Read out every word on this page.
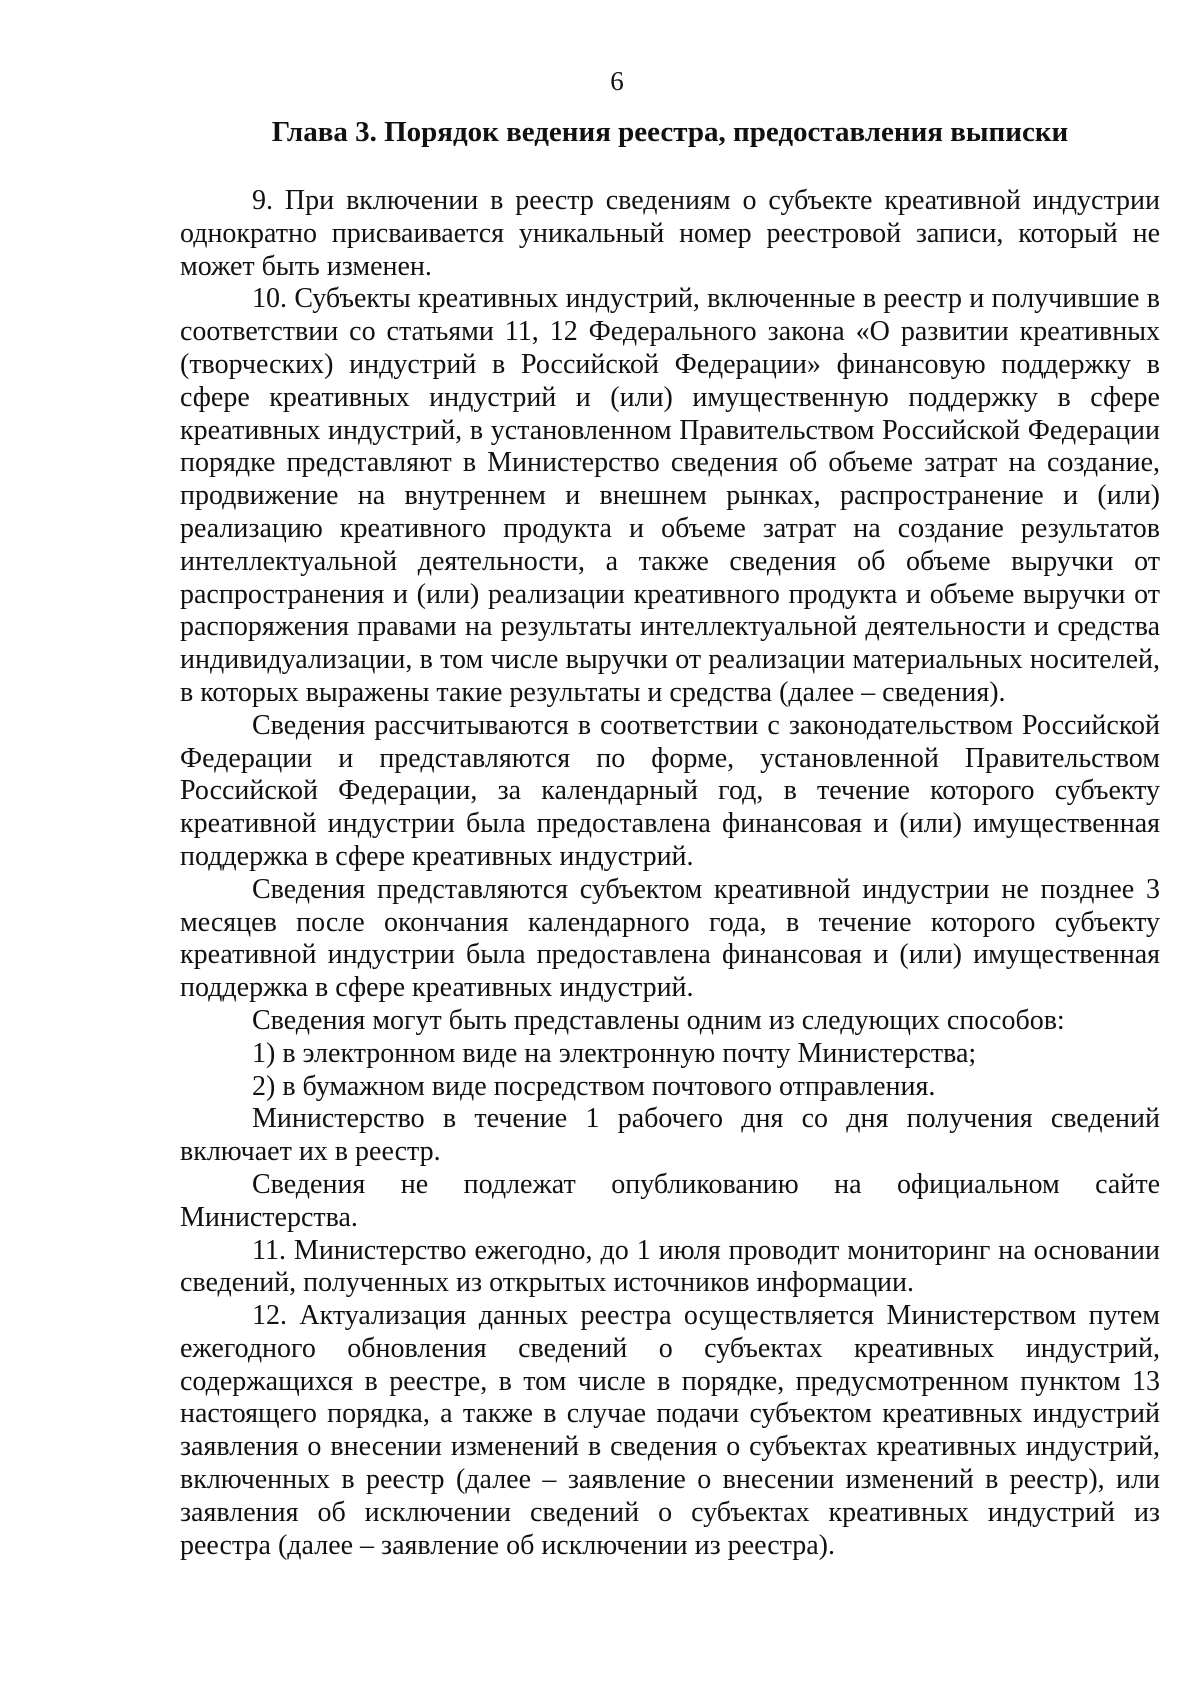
6
Глава 3. Порядок ведения реестра, предоставления выписки

9. При включении в реестр сведениям о субъекте креативной индустрии однократно присваивается уникальный номер реестровой записи, который не может быть изменен.

10. Субъекты креативных индустрий, включенные в реестр и получившие в соответствии со статьями 11, 12 Федерального закона «О развитии креативных (творческих) индустрий в Российской Федерации» финансовую поддержку в сфере креативных индустрий и (или) имущественную поддержку в сфере креативных индустрий, в установленном Правительством Российской Федерации порядке представляют в Министерство сведения об объеме затрат на создание, продвижение на внутреннем и внешнем рынках, распространение и (или) реализацию креативного продукта и объеме затрат на создание результатов интеллектуальной деятельности, а также сведения об объеме выручки от распространения и (или) реализации креативного продукта и объеме выручки от распоряжения правами на результаты интеллектуальной деятельности и средства индивидуализации, в том числе выручки от реализации материальных носителей, в которых выражены такие результаты и средства (далее – сведения).

Сведения рассчитываются в соответствии с законодательством Российской Федерации и представляются по форме, установленной Правительством Российской Федерации, за календарный год, в течение которого субъекту креативной индустрии была предоставлена финансовая и (или) имущественная поддержка в сфере креативных индустрий.

Сведения представляются субъектом креативной индустрии не позднее 3 месяцев после окончания календарного года, в течение которого субъекту креативной индустрии была предоставлена финансовая и (или) имущественная поддержка в сфере креативных индустрий.

Сведения могут быть представлены одним из следующих способов:

1) в электронном виде на электронную почту Министерства;

2) в бумажном виде посредством почтового отправления.

Министерство в течение 1 рабочего дня со дня получения сведений включает их в реестр.

Сведения не подлежат опубликованию на официальном сайте Министерства.

11. Министерство ежегодно, до 1 июля проводит мониторинг на основании сведений, полученных из открытых источников информации.

12. Актуализация данных реестра осуществляется Министерством путем ежегодного обновления сведений о субъектах креативных индустрий, содержащихся в реестре, в том числе в порядке, предусмотренном пунктом 13 настоящего порядка, а также в случае подачи субъектом креативных индустрий заявления о внесении изменений в сведения о субъектах креативных индустрий, включенных в реестр (далее – заявление о внесении изменений в реестр), или заявления об исключении сведений о субъектах креативных индустрий из реестра (далее – заявление об исключении из реестра).
